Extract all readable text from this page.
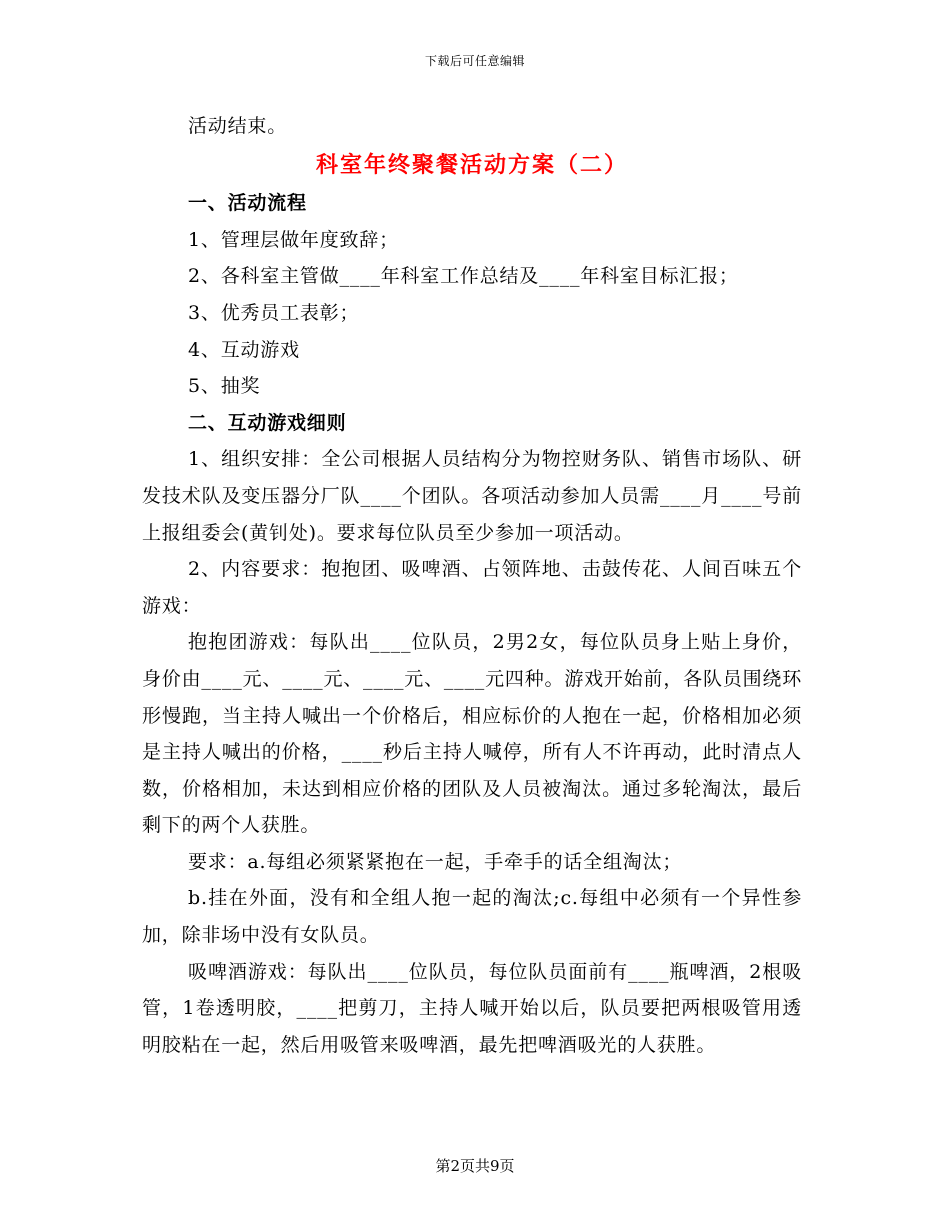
下载后可任意编辑

活动结束。

科室年终聚餐活动方案（二）

一、活动流程

1、管理层做年度致辞；

2、各科室主管做____年科室工作总结及____年科室目标汇报；

3、优秀员工表彰；

4、互动游戏

5、抽奖

二、互动游戏细则

1、组织安排：全公司根据人员结构分为物控财务队、销售市场队、研发技术队及变压器分厂队____个团队。各项活动参加人员需____月____号前上报组委会(黄钊处)。要求每位队员至少参加一项活动。

2、内容要求：抱抱团、吸啤酒、占领阵地、击鼓传花、人间百味五个游戏：

抱抱团游戏：每队出____位队员，2男2女，每位队员身上贴上身价，身价由____元、____元、____元、____元四种。游戏开始前，各队员围绕环形慢跑，当主持人喊出一个价格后，相应标价的人抱在一起，价格相加必须是主持人喊出的价格，____秒后主持人喊停，所有人不许再动，此时清点人数，价格相加，未达到相应价格的团队及人员被淘汰。通过多轮淘汰，最后剩下的两个人获胜。

要求：a.每组必须紧紧抱在一起，手牵手的话全组淘汰；

b.挂在外面，没有和全组人抱一起的淘汰;c.每组中必须有一个异性参加，除非场中没有女队员。

吸啤酒游戏：每队出____位队员，每位队员面前有____瓶啤酒，2根吸管，1卷透明胶，____把剪刀，主持人喊开始以后，队员要把两根吸管用透明胶粘在一起，然后用吸管来吸啤酒，最先把啤酒吸光的人获胜。

第2页共9页
